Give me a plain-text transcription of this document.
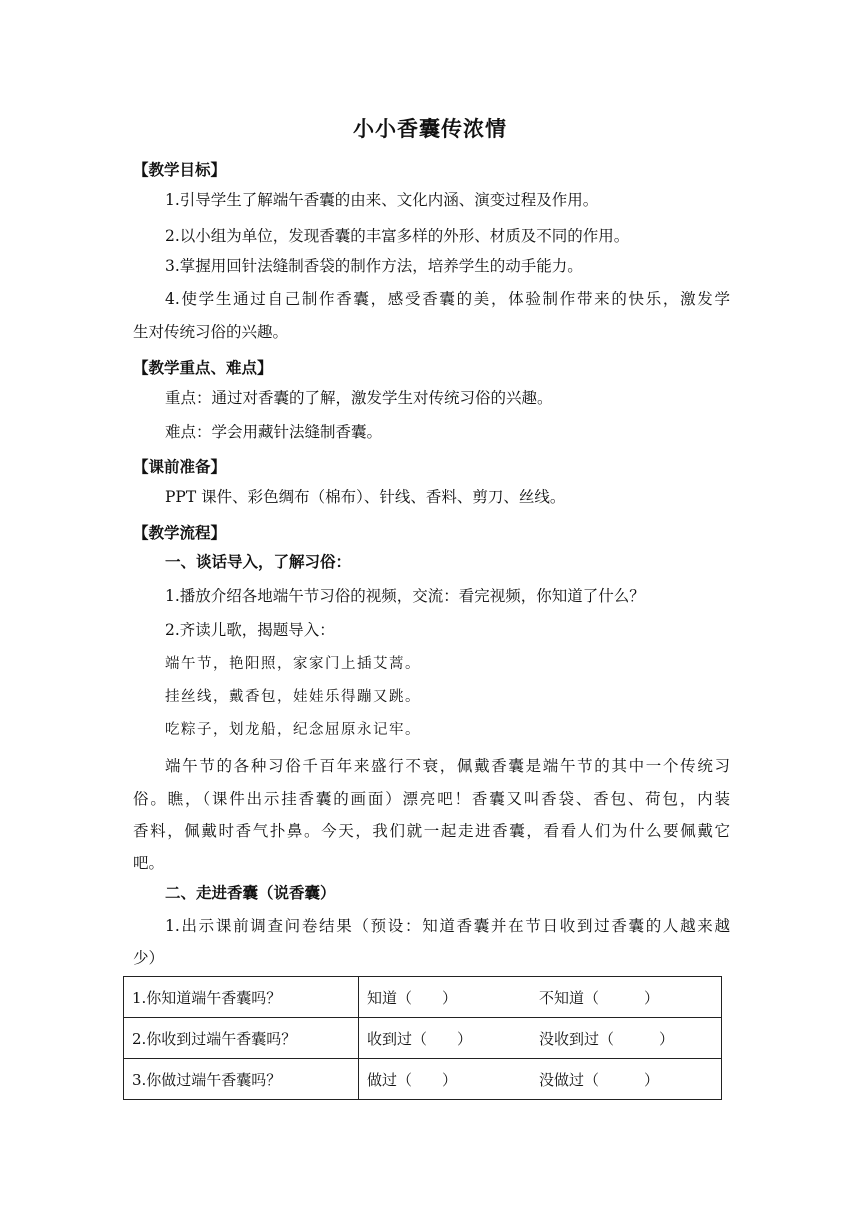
小小香囊传浓情
【教学目标】
1.引导学生了解端午香囊的由来、文化内涵、演变过程及作用。
2.以小组为单位，发现香囊的丰富多样的外形、材质及不同的作用。
3.掌握用回针法缝制香袋的制作方法，培养学生的动手能力。
4.使学生通过自己制作香囊，感受香囊的美，体验制作带来的快乐，激发学
生对传统习俗的兴趣。
【教学重点、难点】
重点：通过对香囊的了解，激发学生对传统习俗的兴趣。
难点：学会用藏针法缝制香囊。
【课前准备】
PPT 课件、彩色绸布（棉布）、针线、香料、剪刀、丝线。
【教学流程】
一、谈话导入，了解习俗：
1.播放介绍各地端午节习俗的视频，交流：看完视频，你知道了什么？
2.齐读儿歌，揭题导入：
端午节，艳阳照，家家门上插艾蒿。
挂丝线，戴香包，娃娃乐得蹦又跳。
吃粽子，划龙船，纪念屈原永记牢。
端午节的各种习俗千百年来盛行不衰，佩戴香囊是端午节的其中一个传统习
俗。瞧，（课件出示挂香囊的画面）漂亮吧！香囊又叫香袋、香包、荷包，内装
香料，佩戴时香气扑鼻。今天，我们就一起走进香囊，看看人们为什么要佩戴它
吧。
二、走进香囊（说香囊）
1.出示课前调查问卷结果（预设：知道香囊并在节日收到过香囊的人越来越
少）
1.你知道端午香囊吗？	知道（　　） 不知道（　　　）
2.你收到过端午香囊吗？	收到过（　　） 没收到过（　　　）
3.你做过端午香囊吗？	做过（　　） 没做过（　　　）
